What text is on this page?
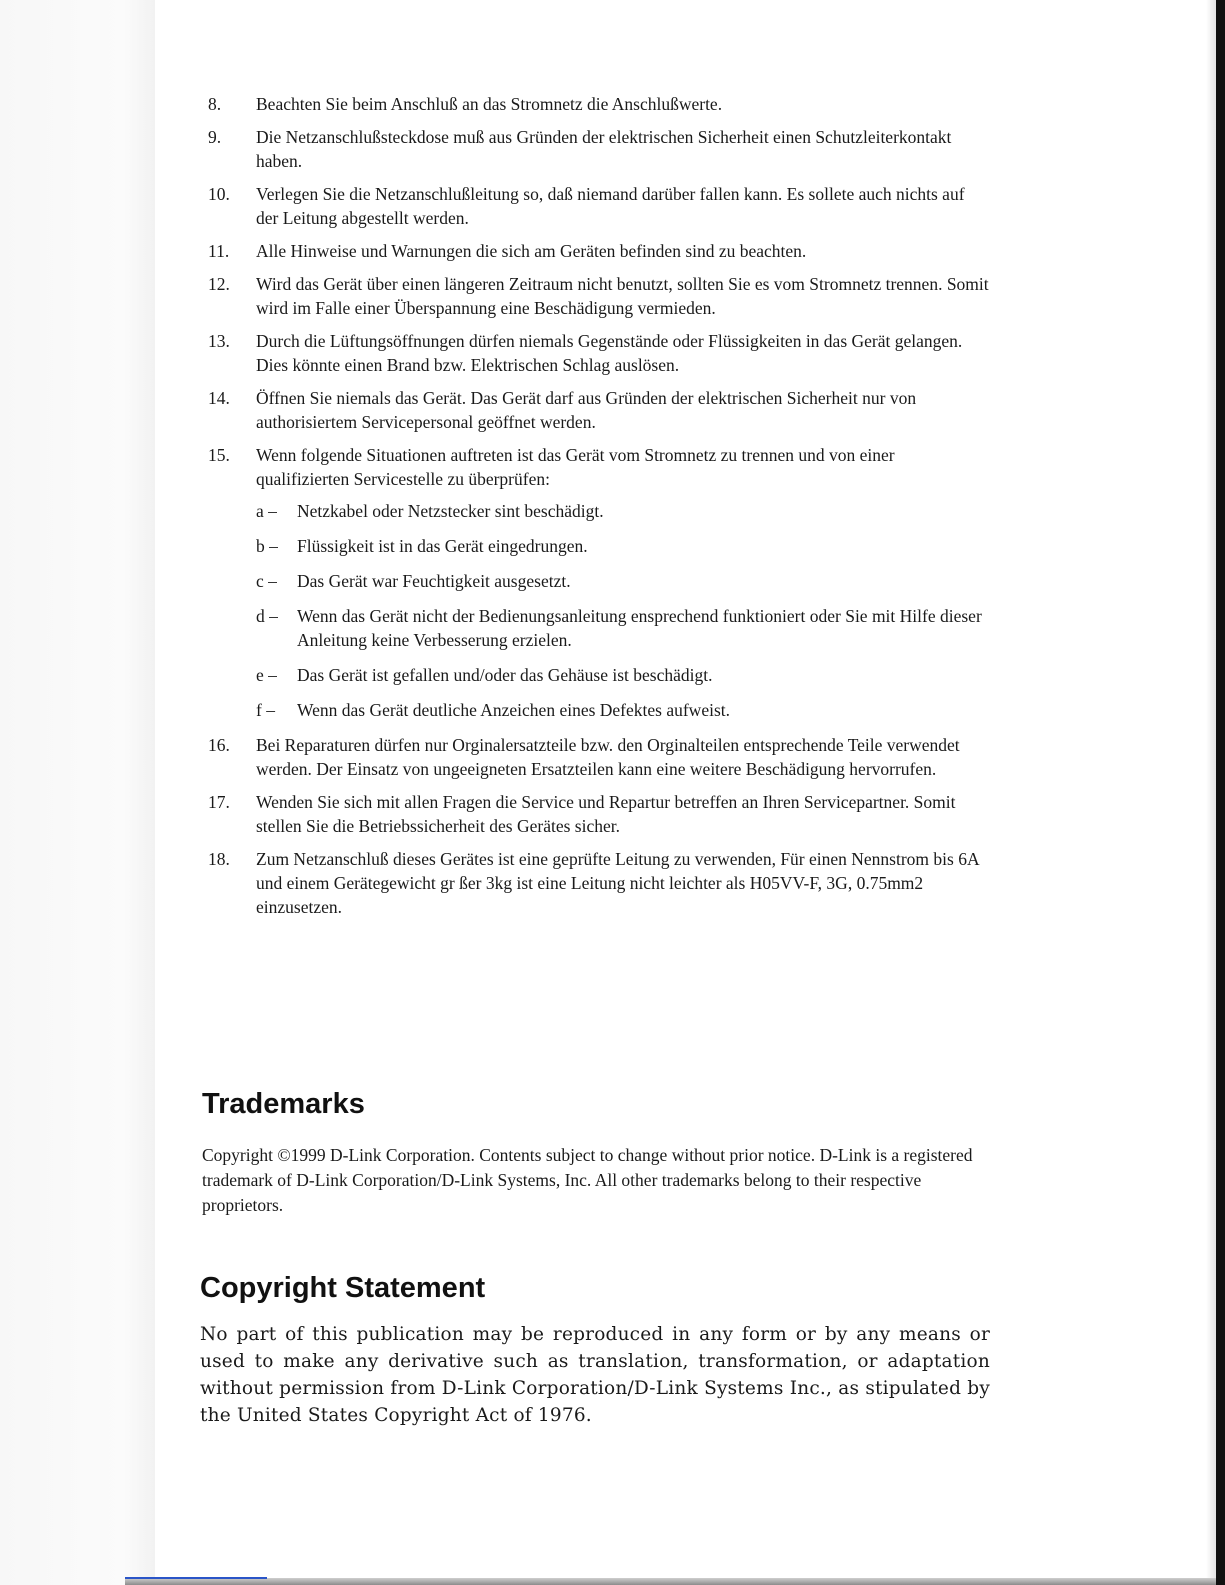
8. Beachten Sie beim Anschluß an das Stromnetz die Anschlußwerte.
9. Die Netzanschlußsteckdose muß aus Gründen der elektrischen Sicherheit einen Schutzleiterkontakt haben.
10. Verlegen Sie die Netzanschlußleitung so, daß niemand darüber fallen kann. Es sollete auch nichts auf der Leitung abgestellt werden.
11. Alle Hinweise und Warnungen die sich am Geräten befinden sind zu beachten.
12. Wird das Gerät über einen längeren Zeitraum nicht benutzt, sollten Sie es vom Stromnetz trennen. Somit wird im Falle einer Überspannung eine Beschädigung vermieden.
13. Durch die Lüftungsöffnungen dürfen niemals Gegenstände oder Flüssigkeiten in das Gerät gelangen. Dies könnte einen Brand bzw. Elektrischen Schlag auslösen.
14. Öffnen Sie niemals das Gerät. Das Gerät darf aus Gründen der elektrischen Sicherheit nur von authorisiertem Servicepersonal geöffnet werden.
15. Wenn folgende Situationen auftreten ist das Gerät vom Stromnetz zu trennen und von einer qualifizierten Servicestelle zu überprüfen:
a – Netzkabel oder Netzstecker sint beschädigt.
b – Flüssigkeit ist in das Gerät eingedrungen.
c – Das Gerät war Feuchtigkeit ausgesetzt.
d – Wenn das Gerät nicht der Bedienungsanleitung ensprechend funktioniert oder Sie mit Hilfe dieser Anleitung keine Verbesserung erzielen.
e – Das Gerät ist gefallen und/oder das Gehäuse ist beschädigt.
f – Wenn das Gerät deutliche Anzeichen eines Defektes aufweist.
16. Bei Reparaturen dürfen nur Orginalersatzteile bzw. den Orginalteilen entsprechende Teile verwendet werden. Der Einsatz von ungeeigneten Ersatzteilen kann eine weitere Beschädigung hervorrufen.
17. Wenden Sie sich mit allen Fragen die Service und Repartur betreffen an Ihren Servicepartner. Somit stellen Sie die Betriebssicherheit des Gerätes sicher.
18. Zum Netzanschluß dieses Gerätes ist eine geprüfte Leitung zu verwenden, Für einen Nennstrom bis 6A und einem Gerätegewicht gr ßer 3kg ist eine Leitung nicht leichter als H05VV-F, 3G, 0.75mm2 einzusetzen.
Trademarks

Copyright ©1999 D-Link Corporation. Contents subject to change without prior notice. D-Link is a registered trademark of D-Link Corporation/D-Link Systems, Inc. All other trademarks belong to their respective proprietors.

Copyright Statement

No part of this publication may be reproduced in any form or by any means or used to make any derivative such as translation, transformation, or adaptation without permission from D-Link Corporation/D-Link Systems Inc., as stipulated by the United States Copyright Act of 1976.
